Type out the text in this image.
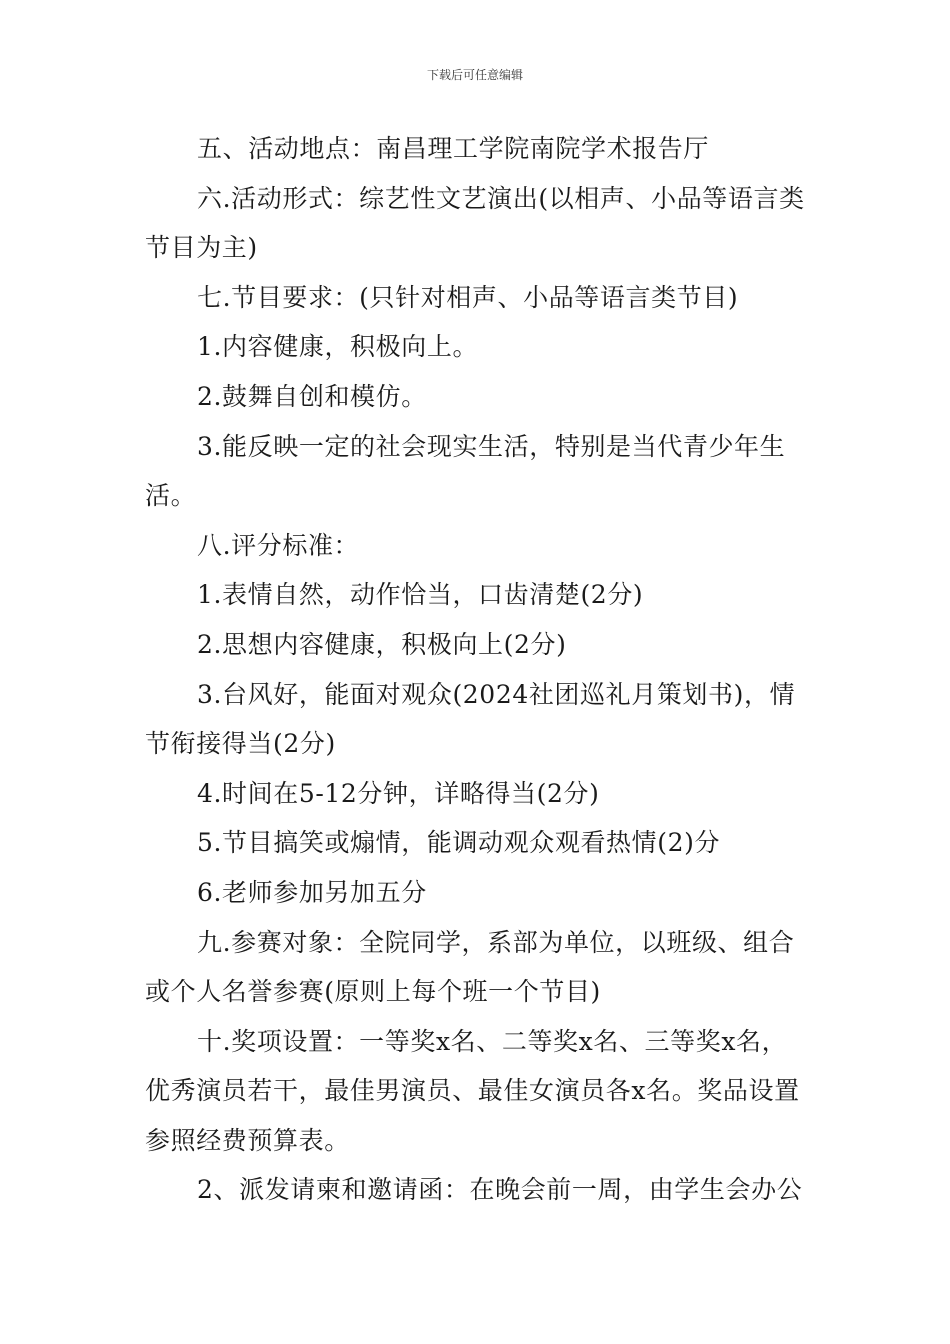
下载后可任意编辑

五、活动地点：南昌理工学院南院学术报告厅

六.活动形式：综艺性文艺演出(以相声、小品等语言类节目为主)

七.节目要求：(只针对相声、小品等语言类节目)

1.内容健康，积极向上。

2.鼓舞自创和模仿。

3.能反映一定的社会现实生活，特别是当代青少年生活。

八.评分标准：

1.表情自然，动作恰当，口齿清楚(2分)

2.思想内容健康，积极向上(2分)

3.台风好，能面对观众(2024社团巡礼月策划书)，情节衔接得当(2分)

4.时间在5-12分钟，详略得当(2分)

5.节目搞笑或煽情，能调动观众观看热情(2)分

6.老师参加另加五分

九.参赛对象：全院同学，系部为单位，以班级、组合或个人名誉参赛(原则上每个班一个节目)

十.奖项设置：一等奖x名、二等奖x名、三等奖x名，优秀演员若干，最佳男演员、最佳女演员各x名。奖品设置参照经费预算表。

2、派发请柬和邀请函：在晚会前一周，由学生会办公
